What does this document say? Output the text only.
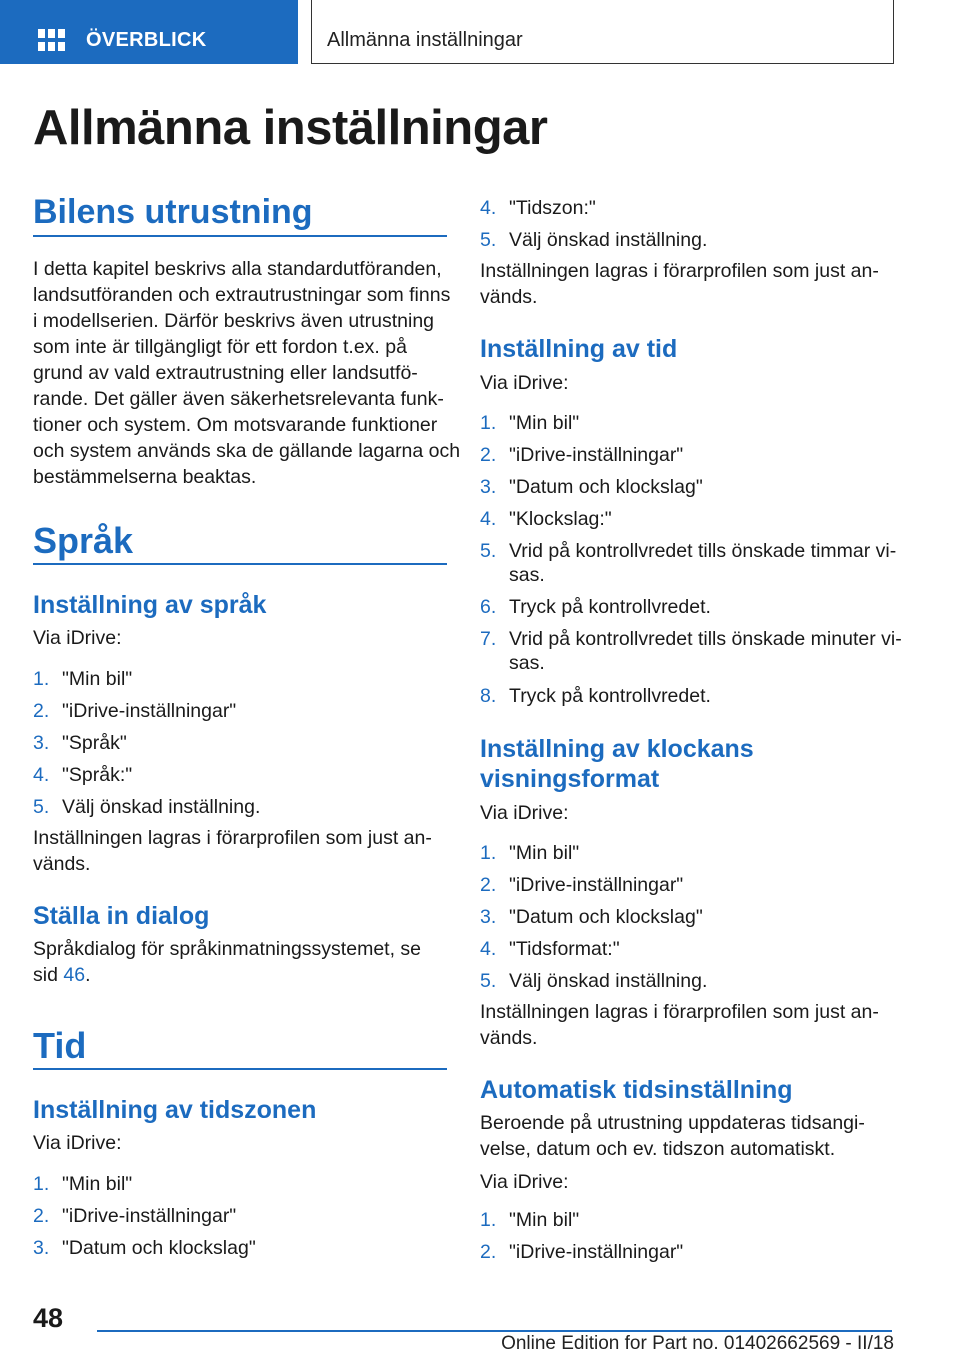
ÖVERBLICK	Allmänna inställningar
Allmänna inställningar
Bilens utrustning

I detta kapitel beskrivs alla standardutföranden,

landsutföranden och extrautrustningar som finns

i modellserien. Därför beskrivs även utrustning

som inte är tillgängligt för ett fordon t.ex. på

grund av vald extrautrustning eller landsutfö-

rande. Det gäller även säkerhetsrelevanta funk-

tioner och system. Om motsvarande funktioner

och system används ska de gällande lagarna och

bestämmelserna beaktas.

Språk
Inställning av språk

Via iDrive:

1. "Min bil"
2. "iDrive-inställningar"
3. "Språk"
4. "Språk:"
5. Välj önskad inställning.

Inställningen lagras i förarprofilen som just an-

vänds.

Ställa in dialog

Språkdialog för språkinmatningssystemet, se

sid 46.

Tid
Inställning av tidszonen

Via iDrive:

1. "Min bil"
2. "iDrive-inställningar"
3. "Datum och klockslag"
4. "Tidszon:"
5. Välj önskad inställning.

Inställningen lagras i förarprofilen som just an-

vänds.

Inställning av tid

Via iDrive:

1. "Min bil"
2. "iDrive-inställningar"
3. "Datum och klockslag"
4. "Klockslag:"
5. Vrid på kontrollvredet tills önskade timmar vi-
sas.
6. Tryck på kontrollvredet.
7. Vrid på kontrollvredet tills önskade minuter vi-
sas.
8. Tryck på kontrollvredet.
Inställning av klockans
visningsformat

Via iDrive:

1. "Min bil"
2. "iDrive-inställningar"
3. "Datum och klockslag"
4. "Tidsformat:"
5. Välj önskad inställning.

Inställningen lagras i förarprofilen som just an-

vänds.

Automatisk tidsinställning

Beroende på utrustning uppdateras tidsangi-

velse, datum och ev. tidszon automatiskt.

Via iDrive:

1. "Min bil"
2. "iDrive-inställningar"
48
Online Edition for Part no. 01402662569 - II/18
